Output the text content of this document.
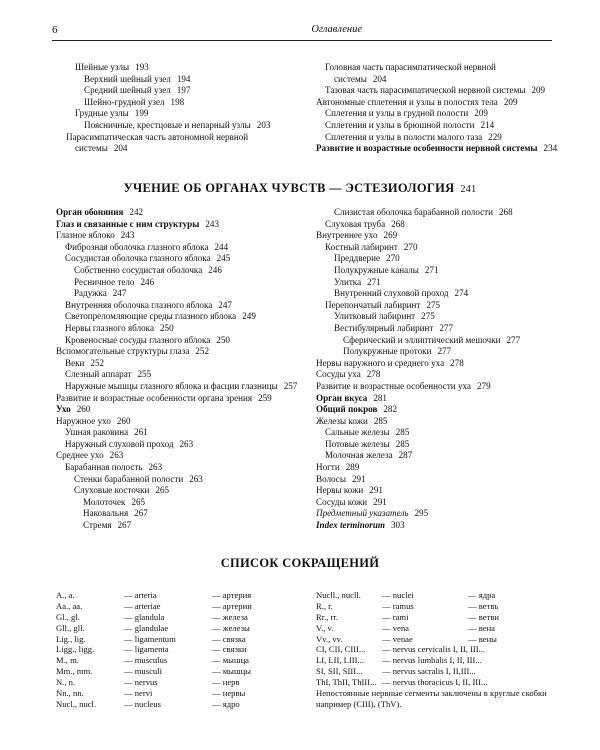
6	Оглавление
Шейные узлы 193
Верхний шейный узел 194
Средний шейный узел 197
Шейно-грудной узел 198
Грудные узлы 199
Поясничные, крестцовые и непарный узлы 203
Парасимпатическая часть автономной нервной
системы 204
Головная часть парасимпатической нервной
системы 204
Тазовая часть парасимпатической нервной системы 209
Автономные сплетения и узлы в полостях тела 209
Сплетения и узлы в грудной полости 209
Сплетения и узлы в брюшной полости 214
Сплетения и узлы в полости малого таза 229
Развитие и возрастные особенности нервной системы 234
УЧЕНИЕ ОБ ОРГАНАХ ЧУВСТВ — ЭСТЕЗИОЛОГИЯ 241
Орган обоняния 242
Глаз и связанные с ним структуры 243
Глазное яблоко 243
Фиброзная оболочка глазного яблока 244
Сосудистая оболочка глазного яблока 245
Собственно сосудистая оболочка 246
Ресничное тело 246
Радужка 247
Внутренняя оболочка глазного яблока 247
Светопреломляющие среды глазного яблока 249
Нервы глазного яблока 250
Кровеносные сосуды глазного яблока 250
Вспомогательные структуры глаза 252
Веки 252
Слезный аппарат 255
Наружные мышцы глазного яблока и фасции глазницы 257
Развитие и возрастные особенности органа зрения 259
Ухо 260
Наружное ухо 260
Ушная раковина 261
Наружный слуховой проход 263
Среднее ухо 263
Барабанная полость 263
Стенки барабанной полости 263
Слуховые косточки 265
Молоточек 265
Наковальня 267
Стремя 267
Слизистая оболочка барабанной полости 268
Слуховая труба 268
Внутреннее ухо 269
Костный лабиринт 270
Преддверие 270
Полукружные каналы 271
Улитка 271
Внутренний слуховой проход 274
Перепончатый лабиринт 275
Улитковый лабиринт 275
Вестибулярный лабиринт 277
Сферический и эллиптический мешочки 277
Полукружные протоки 277
Нервы наружного и среднего уха 278
Сосуды уха 278
Развитие и возрастные особенности уха 279
Орган вкуса 281
Общий покров 282
Железы кожи 285
Сальные железы 285
Потовые железы 285
Молочная железа 287
Ногти 289
Волосы 291
Нервы кожи 291
Сосуды кожи 291
Предметный указатель 295
Index terminorum 303
СПИСОК СОКРАЩЕНИЙ
A., a.	— arteria	— артерия
Aa., aa.	— arteriae	— артерии
Gl., gl.	— glandula	— железа
Gll., gll.	— glandulae	— железы
Lig., lig.	— ligamentum	— связка
Ligg., ligg.	— ligamenta	— связки
M., m.	— musculus	— мышца
Mm., mm.	— musculi	— мышцы
N., n.	— nervus	— нерв
Nn., nn.	— nervi	— нервы
Nucl., nucl.	— nucleus	— ядро
Nucll., nucll. — nuclei	— ядра
R., r.	— ramus	— ветвь
Rr., rr.	— rami	— ветви
V., v.	— vena	— вена
Vv., vv.	— venae	— вены
CI, CII, CIII... — nervus cervicalis I, II, III...
LI, LII, LIII... — nervus lumbalis I, II, III...
SI, SII, SIII... — nervus sacralis I, II,III...
ThI, ThII, ThIII... — nervus thoracicus I, II, III...
Непостоянные нервные сегменты заключены в круглые скобки
например (CIII), (ThV).
